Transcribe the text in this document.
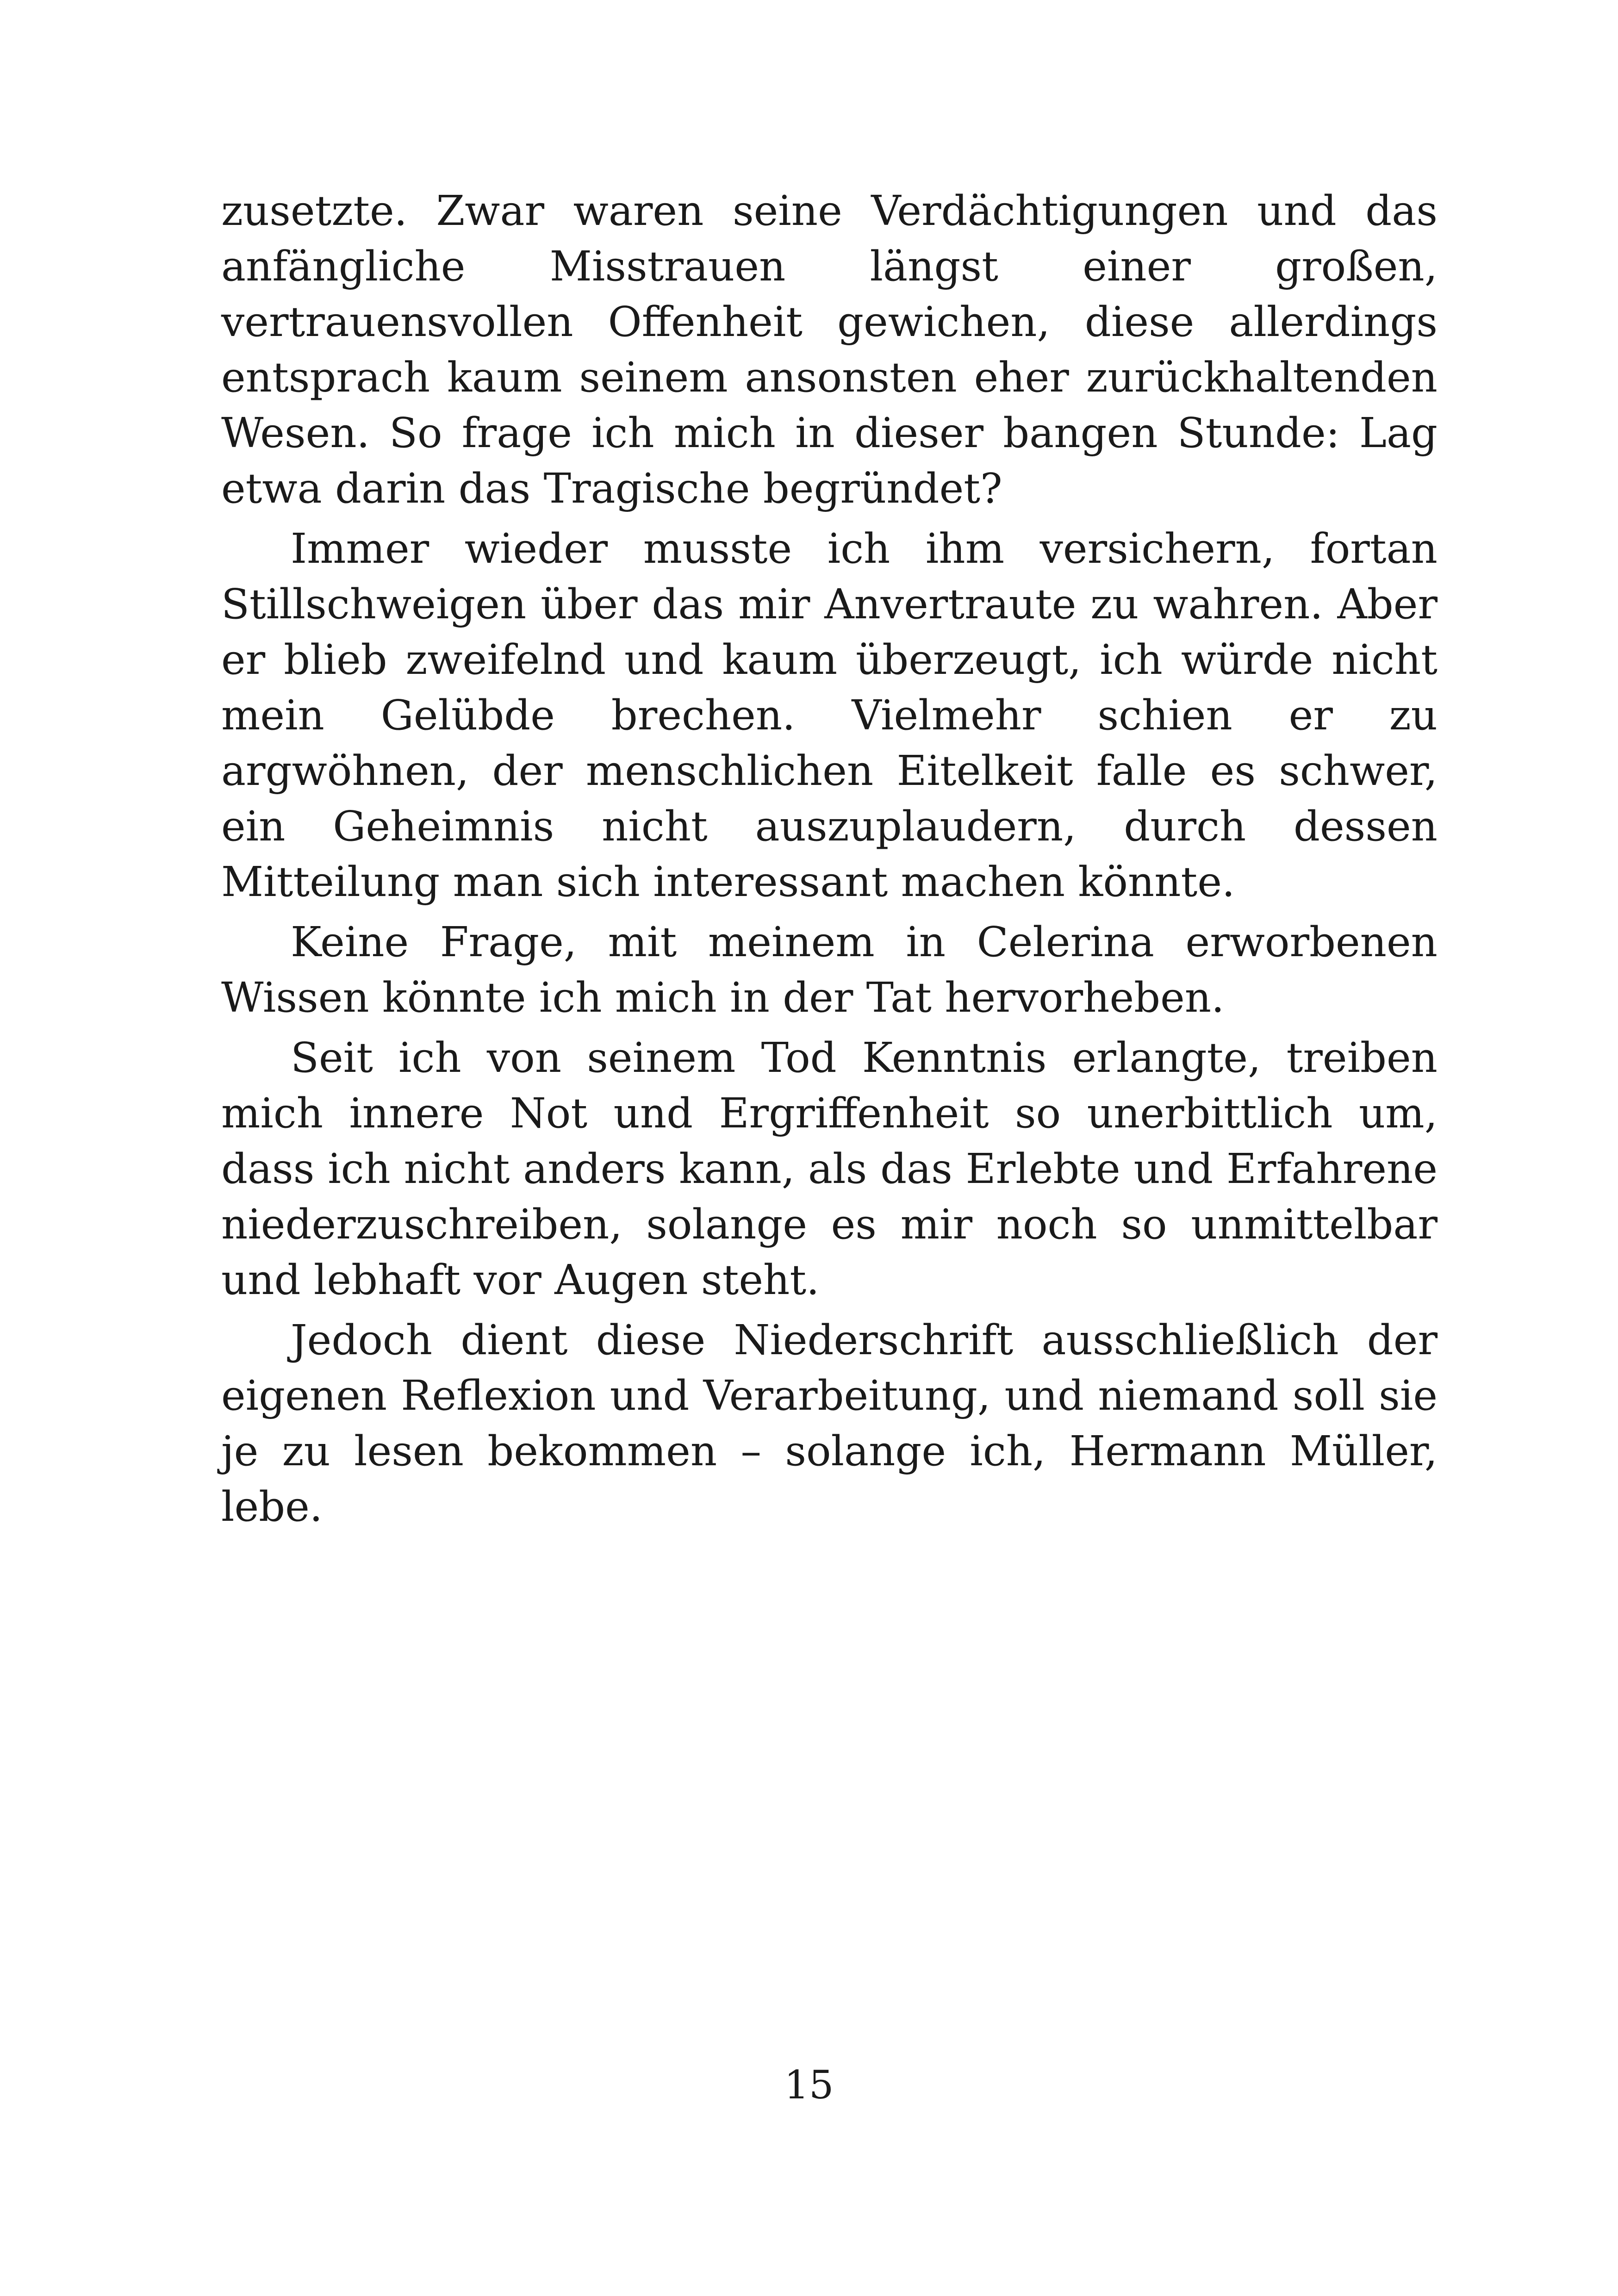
zusetzte. Zwar waren seine Verdächtigungen und das anfängliche Misstrauen längst einer großen, vertrauensvollen Offenheit gewichen, diese allerdings entsprach kaum seinem ansonsten eher zurückhaltenden Wesen. So frage ich mich in dieser bangen Stunde: Lag etwa darin das Tragische begründet?

Immer wieder musste ich ihm versichern, fortan Stillschweigen über das mir Anvertraute zu wahren. Aber er blieb zweifelnd und kaum überzeugt, ich würde nicht mein Gelübde brechen. Vielmehr schien er zu argwöhnen, der menschlichen Eitelkeit falle es schwer, ein Geheimnis nicht auszuplaudern, durch dessen Mitteilung man sich interessant machen könnte.

Keine Frage, mit meinem in Celerina erworbenen Wissen könnte ich mich in der Tat hervorheben.

Seit ich von seinem Tod Kenntnis erlangte, treiben mich innere Not und Ergriffenheit so unerbittlich um, dass ich nicht anders kann, als das Erlebte und Erfahrene niederzuschreiben, solange es mir noch so unmittelbar und lebhaft vor Augen steht.

Jedoch dient diese Niederschrift ausschließlich der eigenen Reflexion und Verarbeitung, und niemand soll sie je zu lesen bekommen – solange ich, Hermann Müller, lebe.

15
